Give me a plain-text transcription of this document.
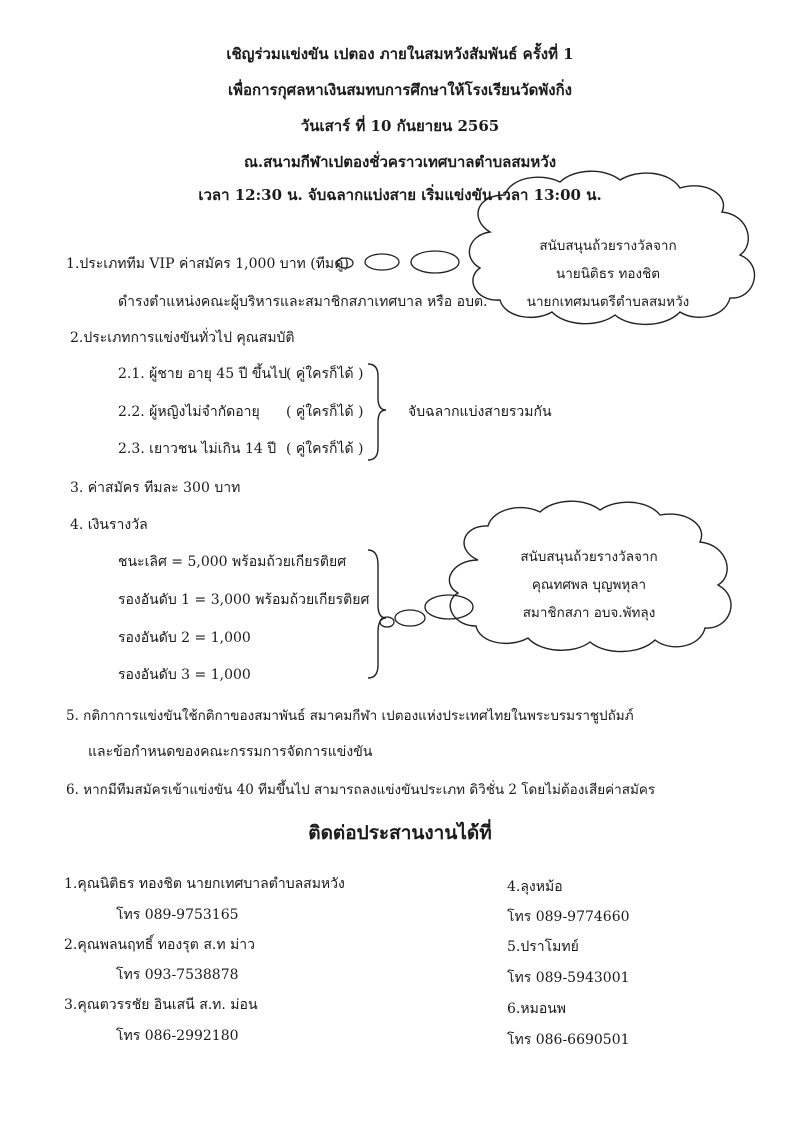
เชิญร่วมแข่งขัน เปตอง ภายในสมหวังสัมพันธ์ ครั้งที่ 1
เพื่อการกุศลหาเงินสมทบการศึกษาให้โรงเรียนวัดพังกิ่ง
วันเสาร์ ที่ 10 กันยายน 2565
ณ.สนามกีฬาเปตองชั่วคราวเทศบาลตำบลสมหวัง
เวลา 12:30 น. จับฉลากแบ่งสาย เริ่มแข่งขัน เวลา 13:00 น.
สนับสนุนถ้วยรางวัลจาก
นายนิติธร ทองชิต
นายกเทศมนตรีตำบลสมหวัง
1.ประเภททีม VIP ค่าสมัคร 1,000 บาท (ทีมคู่)
ดำรงตำแหน่งคณะผู้บริหารและสมาชิกสภาเทศบาล หรือ อบต.
2.ประเภทการแข่งขันทั่วไป คุณสมบัติ
2.1. ผู้ชาย อายุ 45 ปี ขึ้นไป ( คู่ใครก็ได้ )
2.2. ผู้หญิงไม่จำกัดอายุ ( คู่ใครก็ได้ )
2.3. เยาวชน ไม่เกิน 14 ปี ( คู่ใครก็ได้ )
จับฉลากแบ่งสายรวมกัน
3. ค่าสมัคร ทีมละ 300 บาท
4. เงินรางวัล
ชนะเลิศ = 5,000 พร้อมถ้วยเกียรติยศ
รองอันดับ 1 = 3,000 พร้อมถ้วยเกียรติยศ
รองอันดับ 2 = 1,000
รองอันดับ 3 = 1,000
สนับสนุนถ้วยรางวัลจาก
คุณทศพล บุญพหุลา
สมาชิกสภา อบจ.พัทลุง
5. กติกาการแข่งขันใช้กติกาของสมาพันธ์ สมาคมกีฬา เปตองแห่งประเทศไทยในพระบรมราชูปถัมภ์
และข้อกำหนดของคณะกรรมการจัดการแข่งขัน
6. หากมีทีมสมัครเข้าแข่งขัน 40 ทีมขึ้นไป สามารถลงแข่งขันประเภท ดิวิชั่น 2 โดยไม่ต้องเสียค่าสมัคร
ติดต่อประสานงานได้ที่
1.คุณนิติธร ทองชิต นายกเทศบาลตำบลสมหวัง
โทร 089-9753165
2.คุณพลนฤทธิ์ ทองรุต ส.ท ม่าว
โทร 093-7538878
3.คุณตวรรชัย อินเสนี ส.ท. ม่อน
โทร 086-2992180
4.ลุงหม้อ
โทร 089-9774660
5.ปราโมทย์
โทร 089-5943001
6.หมอนพ
โทร 086-6690501
